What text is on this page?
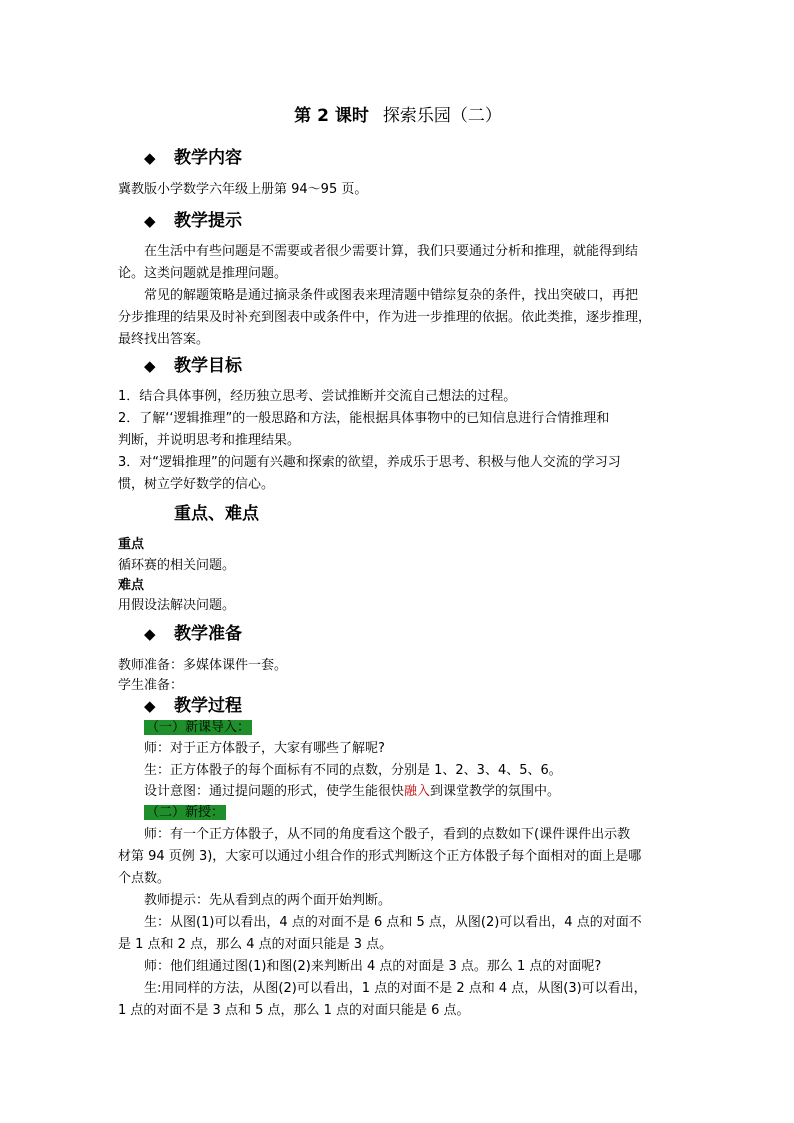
第 2 课时 探索乐园（二）
◆ 教学内容
冀教版小学数学六年级上册第 94～95 页。
◆ 教学提示
在生活中有些问题是不需要或者很少需要计算，我们只要通过分析和推理，就能得到结
论。这类问题就是推理问题。
常见的解题策略是通过摘录条件或图表来理清题中错综复杂的条件，找出突破口，再把
分步推理的结果及时补充到图表中或条件中，作为进一步推理的依据。依此类推，逐步推理，
最终找出答案。
◆ 教学目标
1．结合具体事例，经历独立思考、尝试推断并交流自己想法的过程。
2．了解‘‘逻辑推理”的一般思路和方法，能根据具体事物中的已知信息进行合情推理和
判断，并说明思考和推理结果。
3．对“逻辑推理”的问题有兴趣和探索的欲望，养成乐于思考、积极与他人交流的学习习
惯，树立学好数学的信心。
重点、难点
重点
循环赛的相关问题。
难点
用假设法解决问题。
◆ 教学准备
教师准备：多媒体课件一套。
学生准备：
◆ 教学过程
（一）新课导入：
师：对于正方体骰子，大家有哪些了解呢?
生：正方体骰子的每个面标有不同的点数，分别是 1、2、3、4、5、6。
设计意图：通过提问题的形式，使学生能很快融入到课堂教学的氛围中。
（二）新授：
师：有一个正方体骰子，从不同的角度看这个骰子，看到的点数如下(课件课件出示教
材第 94 页例 3)，大家可以通过小组合作的形式判断这个正方体骰子每个面相对的面上是哪
个点数。
教师提示：先从看到点的两个面开始判断。
生：从图(1)可以看出，4 点的对面不是 6 点和 5 点，从图(2)可以看出，4 点的对面不
是 1 点和 2 点，那么 4 点的对面只能是 3 点。
师：他们组通过图(1)和图(2)来判断出 4 点的对面是 3 点。那么 1 点的对面呢?
生:用同样的方法，从图(2)可以看出，1 点的对面不是 2 点和 4 点，从图(3)可以看出，
1 点的对面不是 3 点和 5 点，那么 1 点的对面只能是 6 点。
